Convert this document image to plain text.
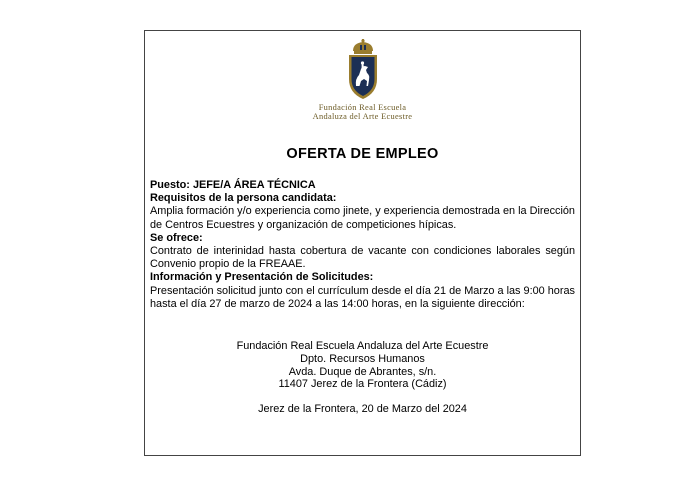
Fundación Real Escuela
Andaluza del Arte Ecuestre
OFERTA DE EMPLEO

Puesto: JEFE/A ÁREA TÉCNICA

Requisitos de la persona candidata:

Amplia formación y/o experiencia como jinete, y experiencia demostrada en la Dirección de Centros Ecuestres y organización de competiciones hípicas.

Se ofrece:

Contrato de interinidad hasta cobertura de vacante con condiciones laborales según Convenio propio de la FREAAE.

Información y Presentación de Solicitudes:

Presentación solicitud junto con el currículum desde el día 21 de Marzo a las 9:00 horas hasta el día 27 de marzo de 2024 a las 14:00 horas, en la siguiente dirección:

Fundación Real Escuela Andaluza del Arte Ecuestre
Dpto. Recursos Humanos
Avda. Duque de Abrantes, s/n.
11407 Jerez de la Frontera (Cádiz)
Jerez de la Frontera, 20 de Marzo del 2024
